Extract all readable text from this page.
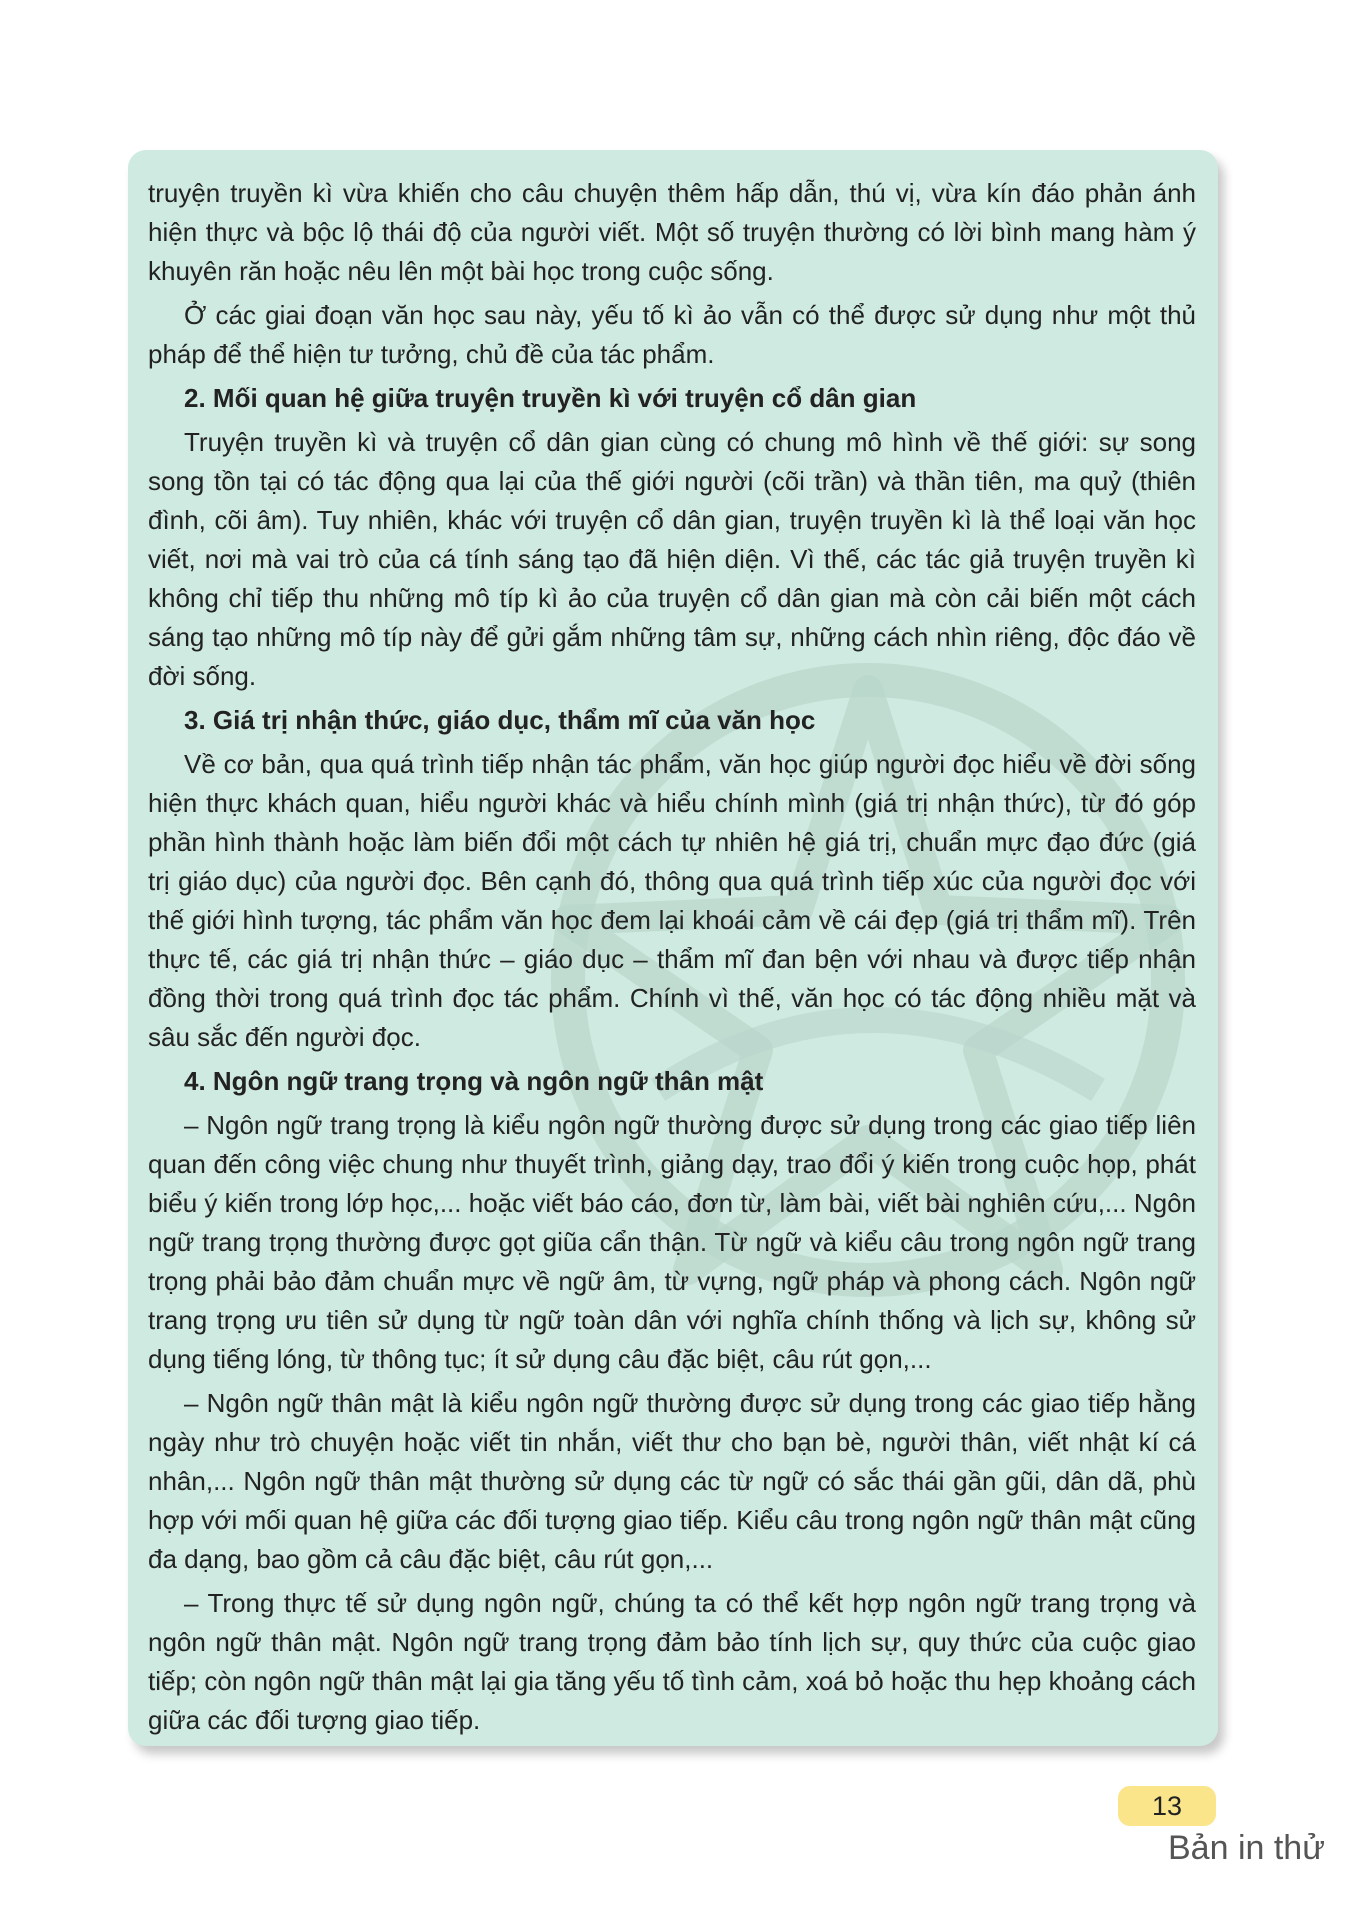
truyện truyền kì vừa khiến cho câu chuyện thêm hấp dẫn, thú vị, vừa kín đáo phản ánh hiện thực và bộc lộ thái độ của người viết. Một số truyện thường có lời bình mang hàm ý khuyên răn hoặc nêu lên một bài học trong cuộc sống.

Ở các giai đoạn văn học sau này, yếu tố kì ảo vẫn có thể được sử dụng như một thủ pháp để thể hiện tư tưởng, chủ đề của tác phẩm.

2. Mối quan hệ giữa truyện truyền kì với truyện cổ dân gian

Truyện truyền kì và truyện cổ dân gian cùng có chung mô hình về thế giới: sự song song tồn tại có tác động qua lại của thế giới người (cõi trần) và thần tiên, ma quỷ (thiên đình, cõi âm). Tuy nhiên, khác với truyện cổ dân gian, truyện truyền kì là thể loại văn học viết, nơi mà vai trò của cá tính sáng tạo đã hiện diện. Vì thế, các tác giả truyện truyền kì không chỉ tiếp thu những mô típ kì ảo của truyện cổ dân gian mà còn cải biến một cách sáng tạo những mô típ này để gửi gắm những tâm sự, những cách nhìn riêng, độc đáo về đời sống.

3. Giá trị nhận thức, giáo dục, thẩm mĩ của văn học

Về cơ bản, qua quá trình tiếp nhận tác phẩm, văn học giúp người đọc hiểu về đời sống hiện thực khách quan, hiểu người khác và hiểu chính mình (giá trị nhận thức), từ đó góp phần hình thành hoặc làm biến đổi một cách tự nhiên hệ giá trị, chuẩn mực đạo đức (giá trị giáo dục) của người đọc. Bên cạnh đó, thông qua quá trình tiếp xúc của người đọc với thế giới hình tượng, tác phẩm văn học đem lại khoái cảm về cái đẹp (giá trị thẩm mĩ). Trên thực tế, các giá trị nhận thức – giáo dục – thẩm mĩ đan bện với nhau và được tiếp nhận đồng thời trong quá trình đọc tác phẩm. Chính vì thế, văn học có tác động nhiều mặt và sâu sắc đến người đọc.

4. Ngôn ngữ trang trọng và ngôn ngữ thân mật

– Ngôn ngữ trang trọng là kiểu ngôn ngữ thường được sử dụng trong các giao tiếp liên quan đến công việc chung như thuyết trình, giảng dạy, trao đổi ý kiến trong cuộc họp, phát biểu ý kiến trong lớp học,... hoặc viết báo cáo, đơn từ, làm bài, viết bài nghiên cứu,... Ngôn ngữ trang trọng thường được gọt giũa cẩn thận. Từ ngữ và kiểu câu trong ngôn ngữ trang trọng phải bảo đảm chuẩn mực về ngữ âm, từ vựng, ngữ pháp và phong cách. Ngôn ngữ trang trọng ưu tiên sử dụng từ ngữ toàn dân với nghĩa chính thống và lịch sự, không sử dụng tiếng lóng, từ thông tục; ít sử dụng câu đặc biệt, câu rút gọn,...

– Ngôn ngữ thân mật là kiểu ngôn ngữ thường được sử dụng trong các giao tiếp hằng ngày như trò chuyện hoặc viết tin nhắn, viết thư cho bạn bè, người thân, viết nhật kí cá nhân,... Ngôn ngữ thân mật thường sử dụng các từ ngữ có sắc thái gần gũi, dân dã, phù hợp với mối quan hệ giữa các đối tượng giao tiếp. Kiểu câu trong ngôn ngữ thân mật cũng đa dạng, bao gồm cả câu đặc biệt, câu rút gọn,...

– Trong thực tế sử dụng ngôn ngữ, chúng ta có thể kết hợp ngôn ngữ trang trọng và ngôn ngữ thân mật. Ngôn ngữ trang trọng đảm bảo tính lịch sự, quy thức của cuộc giao tiếp; còn ngôn ngữ thân mật lại gia tăng yếu tố tình cảm, xoá bỏ hoặc thu hẹp khoảng cách giữa các đối tượng giao tiếp.

13
Bản in thử
